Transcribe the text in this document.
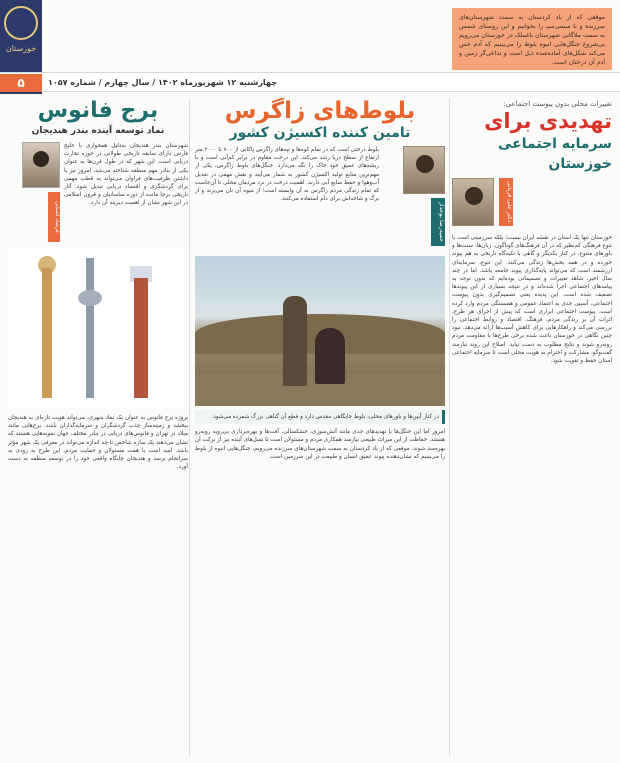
خوزستان
۵	چهارشنبه ۱۲ شهریورماه ۱۴۰۲ / سال چهارم / شماره ۱۰۵۷
موقعی که از باد کردستان به سمت شهرستان‌های سرزنده و با میسی‌سیـ را بخوانیم و این روستای شمس به سمت ملاگانی شهرستان باغملک در خوزستان می‌رویم بی‌شروع جنگل‌هایی انبوه بلوط را می‌بینیم که آدم حس می‌کند شکل‌های آماده‌شده ذیل است و تداعی‌گر زمین و آدم آن درختان است.
تغییرات محلی بدون پیوست اجتماعی:
تهدیدی برای
سرمایه اجتماعی خوزستان
دکتر علی قربانی
خوزستان تنها یک استان در نقشه ایران نیست؛ بلکه سرزمینی است با تنوع فرهنگی کم‌نظیر که در آن فرهنگ‌های گوناگون، زبان‌ها، سنت‌ها و باورهای متنوع، در کنار یکدیگر و گاهی با تکیه‌گاه تاریخی به هم پیوند خورده و در همه بخش‌ها زندگی می‌کنند. این تنوع، سرمایه‌ای ارزشمند است که می‌تواند پایه‌گذاری پیوند جامعه باشد. اما در چند سال اخیر، شاهد تغییرات و تصمیماتی بوده‌ایم که بدون توجه به پیامدهای اجتماعی اجرا شده‌اند و در نتیجه بسیاری از این پیوندها تضعیف شده است. این پدیده یعنی تصمیم‌گیری بدون پیوست اجتماعی، آسیبی جدی به اعتماد عمومی و همبستگی مردم وارد کرده است. پیوست اجتماعی ابزاری است که پیش از اجرای هر طرح، اثرات آن بر زندگی مردم، فرهنگ، اقتصاد و روابط اجتماعی را بررسی می‌کند و راهکارهایی برای کاهش آسیب‌ها ارائه می‌دهد. نبود چنین نگاهی در خوزستان باعث شده برخی طرح‌ها با مقاومت مردم روبه‌رو شوند و نتایج مطلوب به دست نیاید. اصلاح این روند نیازمند گفت‌وگو، مشارکت و احترام به هویت محلی است تا سرمایه اجتماعی استان حفظ و تقویت شود.
بلوط‌های زاگرس
تامین کننده اکسیژن کشور
حمیدرضا بوعذار
بلوط درختی است که در تمام کوه‌ها و تپه‌های زاگرس پاکانی از ۸۰۰ تا ۲۰۰۰ متر ارتفاع از سطح دریا رشد می‌کند. این درخت مقاوم در برابر کم‌آبی است و با ریشه‌های عمیق خود خاک را نگه می‌دارد. جنگل‌های بلوط زاگرس، یکی از مهم‌ترین منابع تولید اکسیژن کشور به شمار می‌آیند و نقش مهمی در تعدیل آب‌وهوا و حفظ منابع آبی دارند. اهمیت درخت در نزد مردمان محلی تا آن‌جاست که تمام زندگی مردم زاگرس به آن وابسته است؛ از میوه آن نان می‌پزند و از برگ و شاخه‌اش برای دام استفاده می‌کنند.
در کنار آیین‌ها و باورهای محلی، بلوط جایگاهی مقدس دارد و قطع آن گناهی بزرگ شمرده می‌شود.
امروز اما این جنگل‌ها با تهدیدهای جدی مانند آتش‌سوزی، خشکسالی، آفت‌ها و بهره‌برداری بی‌رویه روبه‌رو هستند. حفاظت از این میراث طبیعی نیازمند همکاری مردم و مسئولان است تا نسل‌های آینده نیز از برکت آن بهره‌مند شوند. موقعی که از باد کردستان به سمت شهرستان‌های سرزنده می‌رویم، جنگل‌هایی انبوه از بلوط را می‌بینیم که نشان‌دهنده پیوند عمیق انسان و طبیعت در این سرزمین است.
برج فانوس
نماد توسعه آینده بندر هندیجان
شهرستان بندر هندیجان به‌دلیل همجواری با خلیج فارس دارای سابقه تاریخی طولانی در حوزه تجارت دریایی است. این شهر که در طول قرن‌ها به عنوان یکی از بنادر مهم منطقه شناخته می‌شد، امروز نیز با داشتن ظرفیت‌های فراوان می‌تواند به قطب مهمی برای گردشگری و اقتصاد دریایی تبدیل شود. آثار تاریخی برجا مانده از دوره ساسانیان و قرون اسلامی در این شهر نشان از اهمیت دیرینه آن دارد.
فرشاد آشنایی
پروژه برج فانوس به عنوان یک نماد شهری، می‌تواند هویت تازه‌ای به هندیجان ببخشد و زمینه‌ساز جذب گردشگران و سرمایه‌گذاران باشد. برج‌هایی مانند میلاد در تهران و فانوس‌های دریایی در بنادر مختلف جهان نمونه‌هایی هستند که نشان می‌دهند یک سازه شاخص تا چه اندازه می‌تواند در معرفی یک شهر مؤثر باشد. امید است با همت مسئولان و حمایت مردم، این طرح به زودی به سرانجام برسد و هندیجان جایگاه واقعی خود را در توسعه منطقه به دست آورد.
